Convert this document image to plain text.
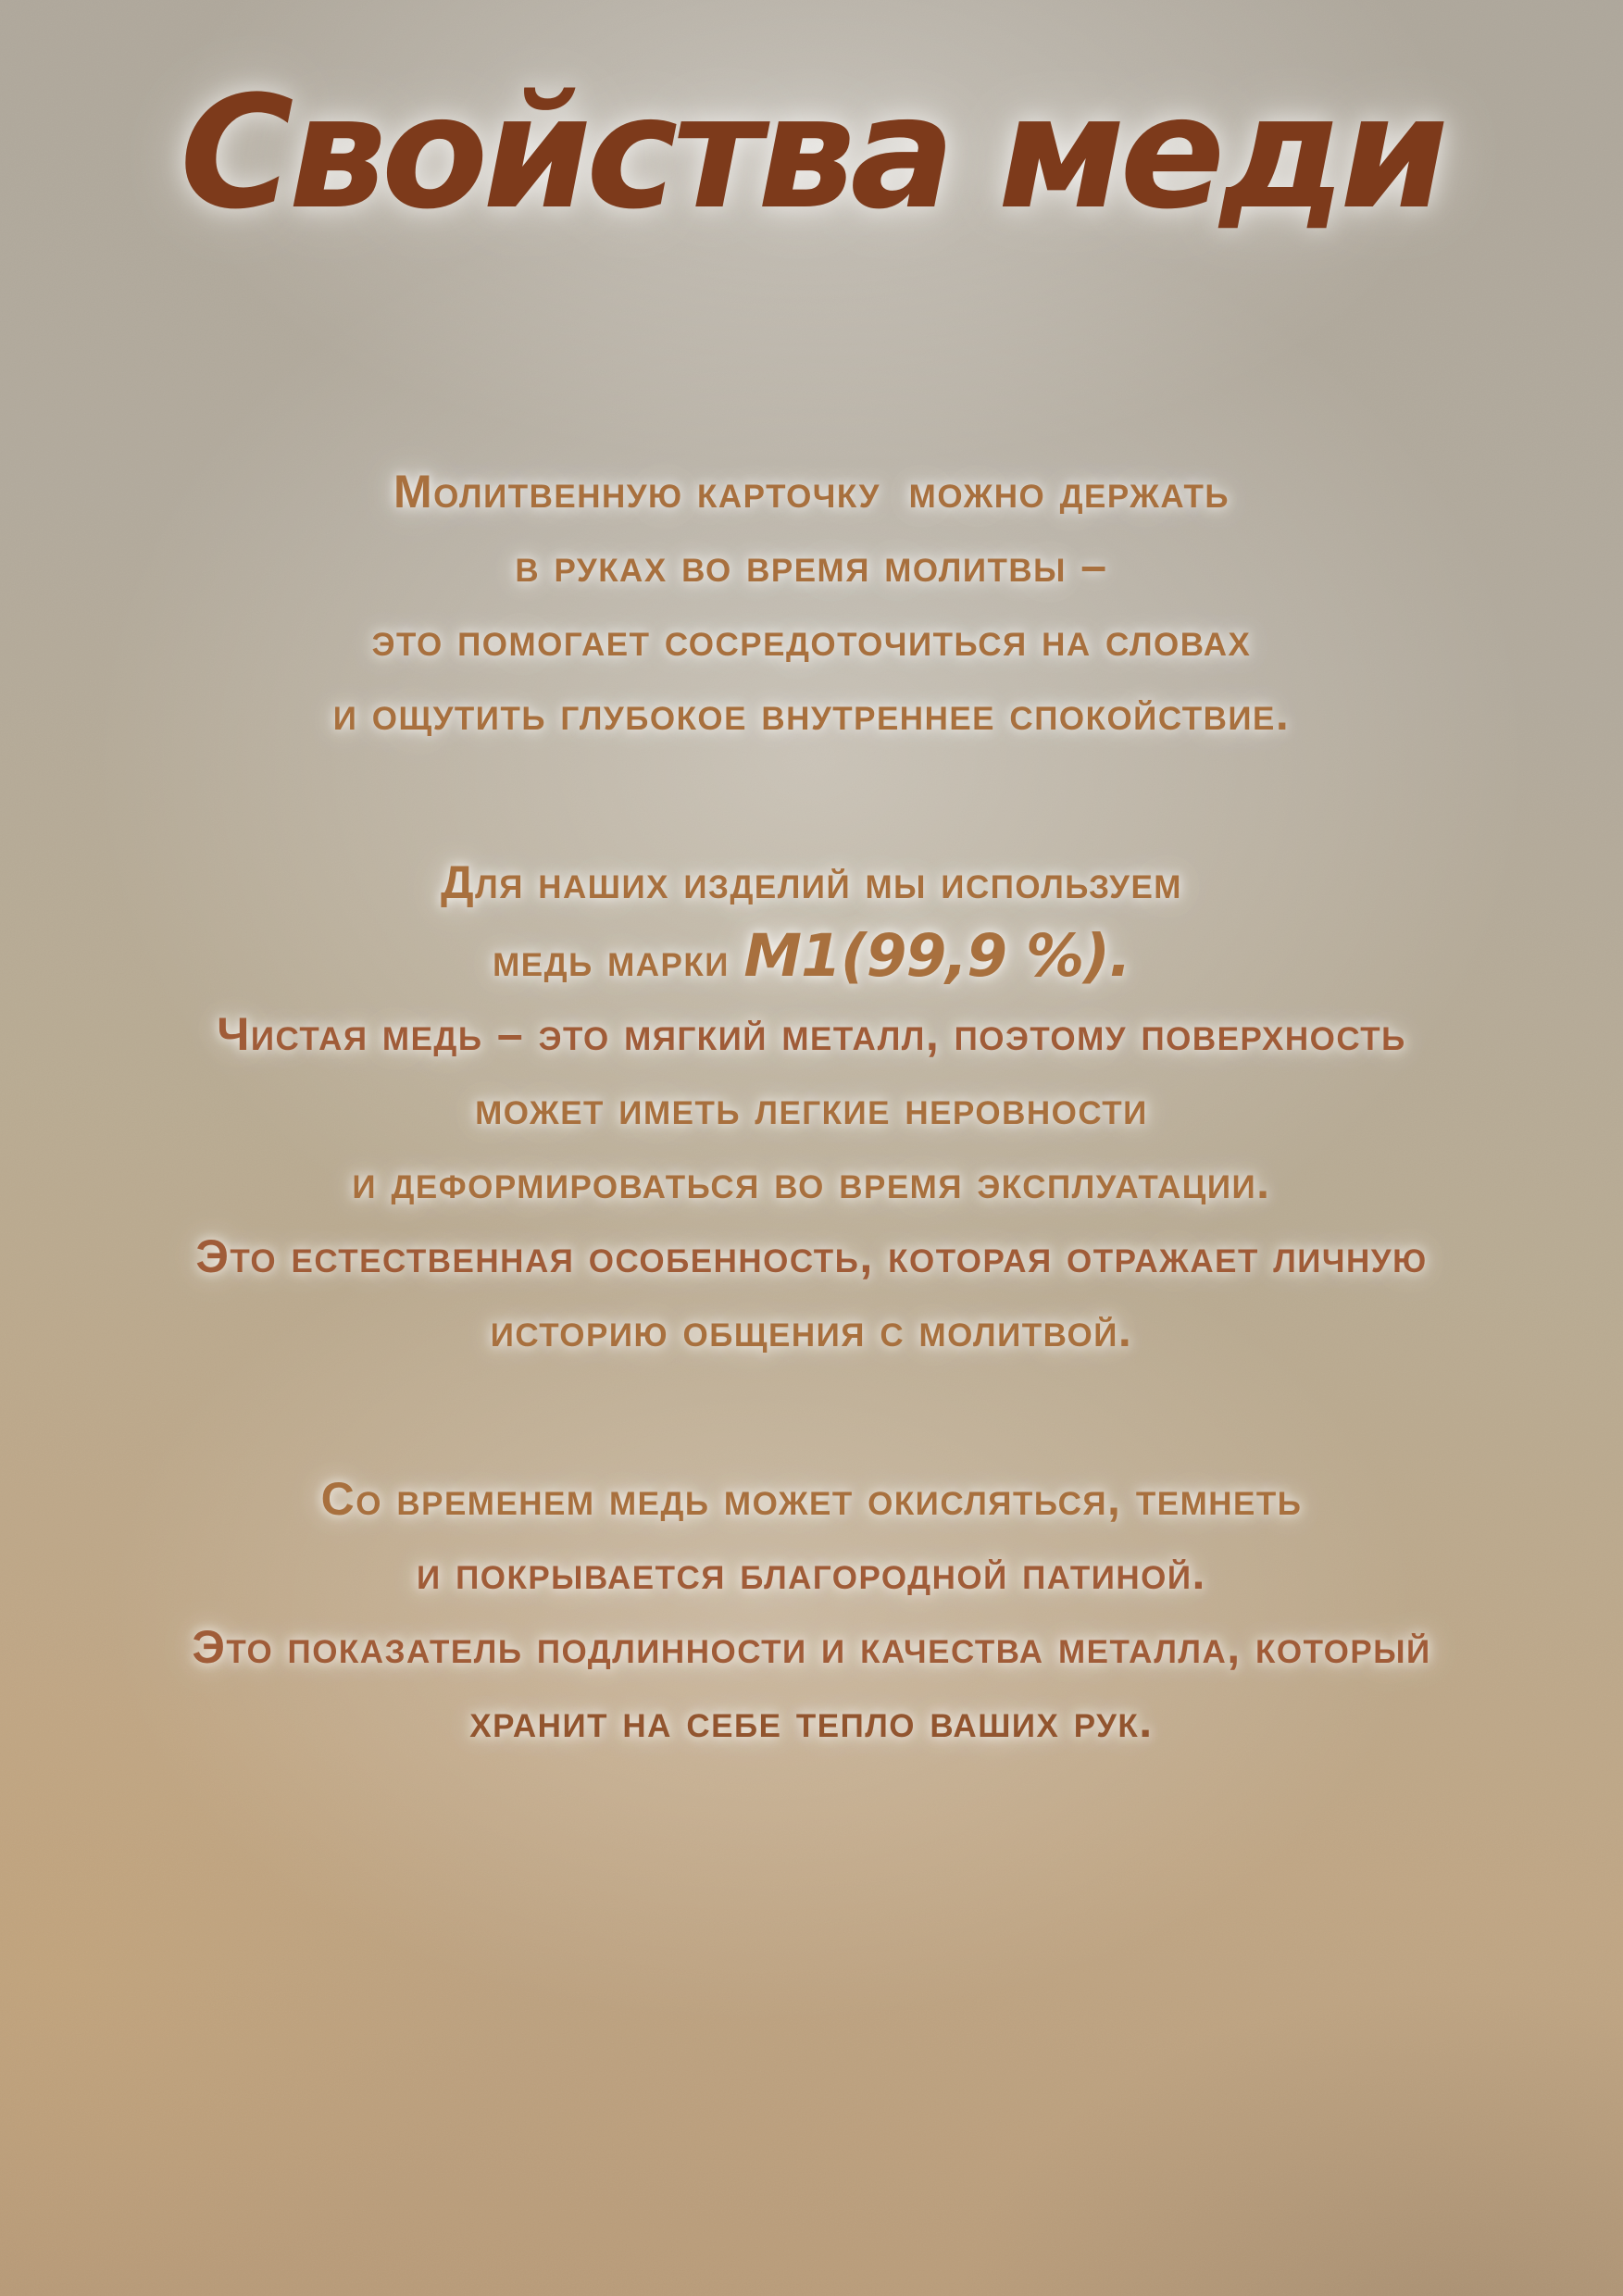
Свойства меди
Молитвенную карточку  можно держать
в руках во время молитвы –
это помогает сосредоточиться на словах
и ощутить глубокое внутреннее спокойствие.
Для наших изделий мы используем
медь марки М1(99,9 %).
Чистая медь – это мягкий металл, поэтому поверхность
может иметь легкие неровности
и деформироваться во время эксплуатации.
Это естественная особенность, которая отражает личную
историю общения с молитвой.
Со временем медь может окисляться, темнеть
и покрывается благородной патиной.
Это показатель подлинности и качества металла, который
хранит на себе тепло ваших рук.
